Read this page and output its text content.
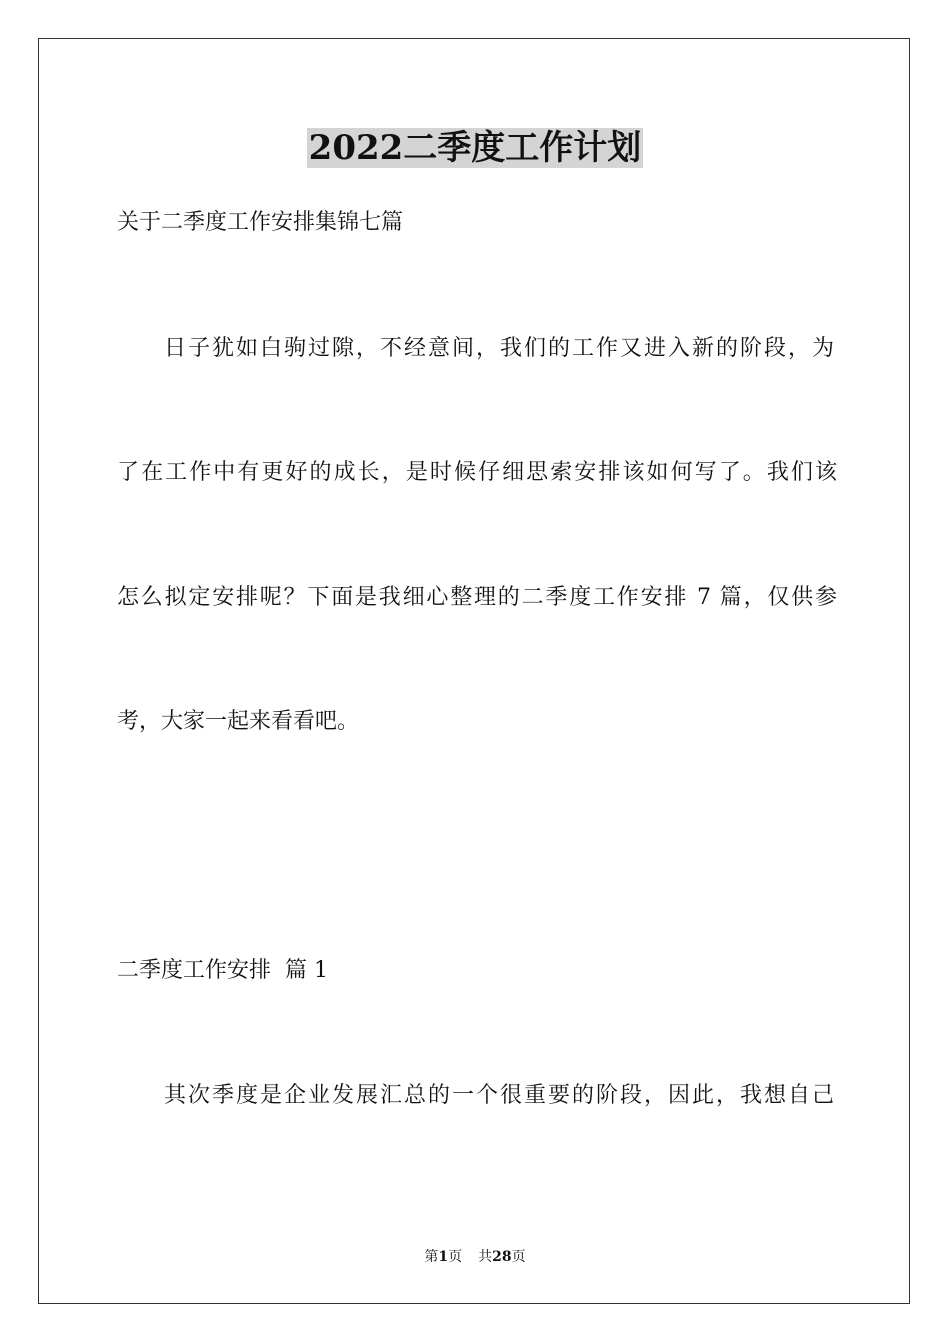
2022二季度工作计划
关于二季度工作安排集锦七篇
日子犹如白驹过隙，不经意间，我们的工作又进入新的阶段，为
了在工作中有更好的成长，是时候仔细思索安排该如何写了。我们该
怎么拟定安排呢？下面是我细心整理的二季度工作安排 7 篇，仅供参
考，大家一起来看看吧。
二季度工作安排  篇 1
其次季度是企业发展汇总的一个很重要的阶段，因此，我想自己
第1页 共28页
